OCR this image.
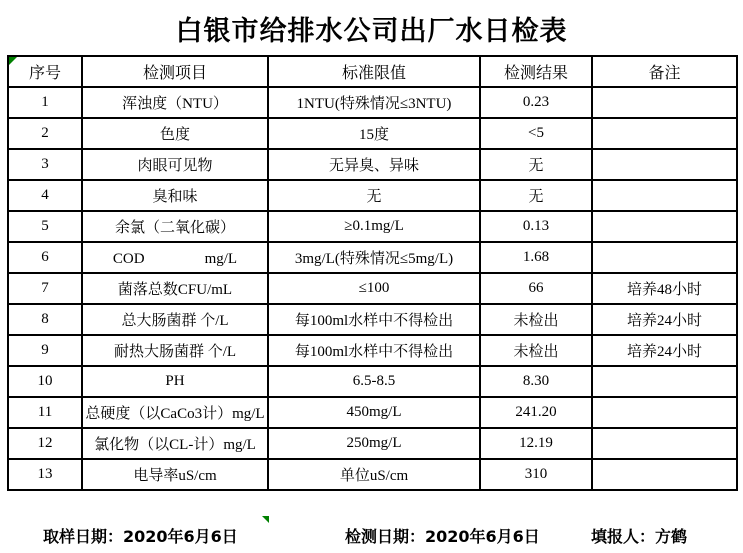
白银市给排水公司出厂水日检表
序号	检测项目	标准限值	检测结果	备注
1	浑浊度（NTU）	1NTU(特殊情况≤3NTU)	0.23	
2	色度	15度	<5	
3	肉眼可见物	无异臭、异味	无	
4	臭和味	无	无	
5	余氯（二氧化碳）	≥0.1mg/L	0.13	
6	COD　　　　mg/L	3mg/L(特殊情况≤5mg/L)	1.68	
7	菌落总数CFU/mL	≤100	66	培养48小时
8	总大肠菌群 个/L	每100ml水样中不得检出	未检出	培养24小时
9	耐热大肠菌群 个/L	每100ml水样中不得检出	未检出	培养24小时
10	PH	6.5-8.5	8.30	
11	总硬度（以CaCo3计）mg/L	450mg/L	241.20	
12	氯化物（以CL-计）mg/L	250mg/L	12.19	
13	电导率uS/cm	单位uS/cm	310	
取样日期：2020年6月6日	检测日期：2020年6月6日	填报人：方鹤
